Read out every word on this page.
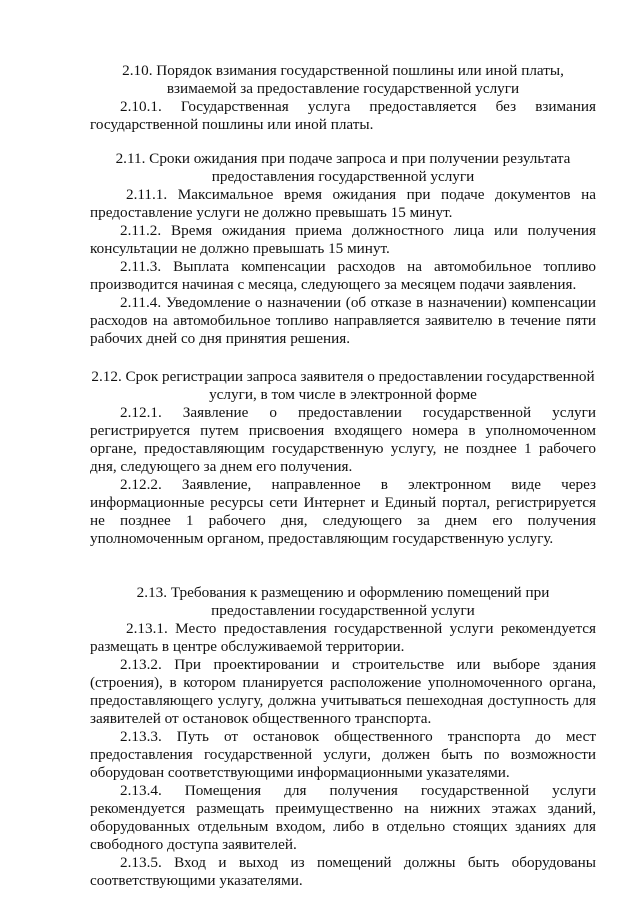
2.10. Порядок взимания государственной пошлины или иной платы, взимаемой за предоставление государственной услуги

2.10.1. Государственная услуга предоставляется без взимания государственной пошлины или иной платы.

2.11. Сроки ожидания при подаче запроса и при получении результата предоставления государственной услуги

2.11.1. Максимальное время ожидания при подаче документов на предоставление услуги не должно превышать 15 минут.

2.11.2. Время ожидания приема должностного лица или получения консультации не должно превышать 15 минут.

2.11.3. Выплата компенсации расходов на автомобильное топливо производится начиная с месяца, следующего за месяцем подачи заявления.

2.11.4. Уведомление о назначении (об отказе в назначении) компенсации расходов на автомобильное топливо направляется заявителю в течение пяти рабочих дней со дня принятия решения.

2.12. Срок регистрации запроса заявителя о предоставлении государственной услуги, в том числе в электронной форме

2.12.1. Заявление о предоставлении государственной услуги регистрируется путем присвоения входящего номера в уполномоченном органе, предоставляющим государственную услугу, не позднее 1 рабочего дня, следующего за днем его получения.

2.12.2. Заявление, направленное в электронном виде через информационные ресурсы сети Интернет и Единый портал, регистрируется не позднее 1 рабочего дня, следующего за днем его получения уполномоченным органом, предоставляющим государственную услугу.

2.13. Требования к размещению и оформлению помещений при предоставлении государственной услуги

2.13.1. Место предоставления государственной услуги рекомендуется размещать в центре обслуживаемой территории.

2.13.2. При проектировании и строительстве или выборе здания (строения), в котором планируется расположение уполномоченного органа, предоставляющего услугу, должна учитываться пешеходная доступность для заявителей от остановок общественного транспорта.

2.13.3. Путь от остановок общественного транспорта до мест предоставления государственной услуги, должен быть по возможности оборудован соответствующими информационными указателями.

2.13.4. Помещения для получения государственной услуги рекомендуется размещать преимущественно на нижних этажах зданий, оборудованных отдельным входом, либо в отдельно стоящих зданиях для свободного доступа заявителей.

2.13.5. Вход и выход из помещений должны быть оборудованы соответствующими указателями.
